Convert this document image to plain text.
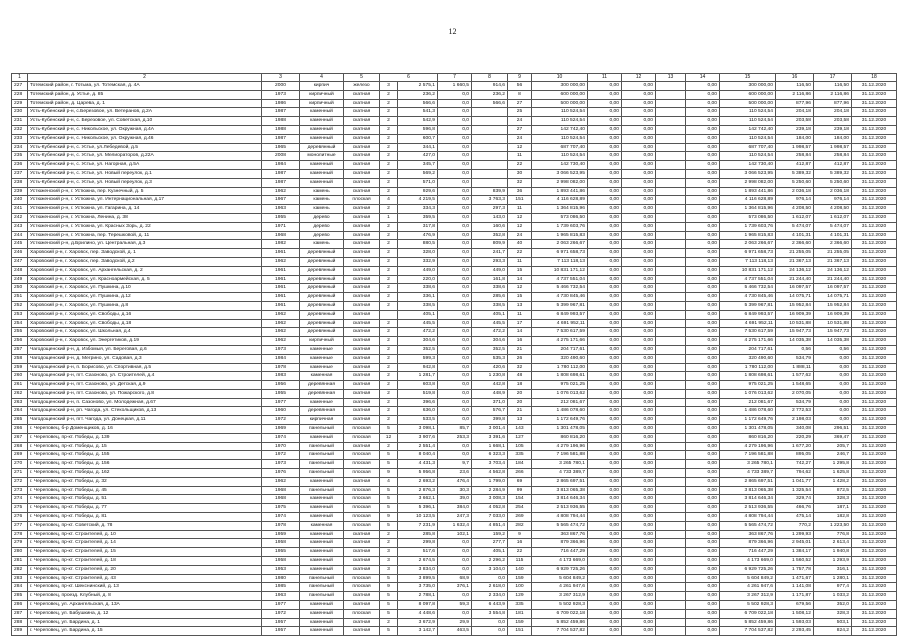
12
1	2	3	4	5	6		7	8	9	10	11	12	13	14	15	16	17	18
227	Тотемский район, г. Тотьма, ул. Тотемская, д. 4А	2000	кирпич	железо	3	2 575,1	1 660,5	914,6	56	300 000,00	0,00	0,00		0,00	300 000,00	116,50	116,50	31.12.2020
228	Тотемский район, д. Устье, д. 85	1973	кирпичный	скатная	2	236,2	0,0	236,2	8	600 000,00	0,00	0,00		0,00	600 000,00	2 116,86	2 116,86	31.12.2020
229	Тотемский район, д. Царева, д. 1	1986	кирпичный	скатная	2	566,6	0,0	566,6	27	500 000,00	0,00	0,00		0,00	500 000,00	877,96	877,96	31.12.2020
230	Усть-Кубенский р-н, с.Березовое, ул. Ветеранов, д.2А	1987	каменный	скатная	2	541,3	0,0		25	110 524,54	0,00	0,00		0,00	110 524,54	204,18	204,18	31.12.2020
231	Усть-Кубенский р-н, с. Березовое, ул. Советская, д.10	1988	каменный	скатная	2	542,9	0,0		24	110 524,54	0,00	0,00		0,00	110 524,54	203,58	203,58	31.12.2020
232	Усть-Кубенский р-н, с. Никольское, ул. Окружная, д.4А	1988	каменный	скатная	2	596,8	0,0		27	142 742,40	0,00	0,00		0,00	142 742,40	239,18	239,18	31.12.2020
233	Усть-Кубенский р-н, с. Никольское, ул. Окружная, д.46	1987	каменный	скатная	2	600,7	0,0		24	110 524,54	0,00	0,00		0,00	110 524,54	184,00	184,00	31.12.2020
234	Усть-Кубенский р-н, с. Устье, ул.Лебедевой, д.5	1965	деревянный	скатная	2	344,1	0,0		12	687 707,40	0,00	0,00		0,00	687 707,40	1 998,57	1 998,57	31.12.2020
235	Усть-Кубенский р-н, с. Устье, ул. Мелиораторов, д.22А	2008	монолитные	скатная	2	427,0	0,0		11	110 524,54	0,00	0,00		0,00	110 524,54	258,84	258,84	31.12.2020
236	Усть-Кубенский р-н, с. Устье, ул. Нагорная, д.5А	1984	каменный	скатная	2	345,7	0,0		22	142 730,40	0,00	0,00		0,00	142 730,40	412,87	412,87	31.12.2020
237	Усть-Кубенский р-н, с. Устье, ул. Новый переулок, д.1	1987	каменный	скатная	2	569,2	0,0		30	3 066 523,95	0,00	0,00		0,00	3 066 523,95	5 389,32	5 389,32	31.12.2020
238	Усть-Кубенский р-н, с. Устье, ул. Новый переулок, д.3	1987	каменный	скатная	2	571,0	0,0		32	2 998 082,00	0,00	0,00		0,00	2 998 082,00	5 250,60	5 250,60	31.12.2020
239	Устюженский р-н, г. Устюжна, пер. Кузнечный, д. 5	1962	камень	скатная	2	929,6	0,0	839,9	36	1 893 441,86	0,00	0,00		0,00	1 893 441,86	2 036,18	2 036,18	31.12.2020
240	Устюженский р-н, г. Устюжна, ул. Интернациональная, д.17	1967	камень	плоская	4	4 219,5	0,0	3 763,3	151	4 116 628,89	0,00	0,00		0,00	4 116 628,89	976,14	976,14	31.12.2020
241	Устюженский р-н, г. Устюжна, ул. Гагарина, д. 14	1963	камень	скатная	2	334,3	0,0	297,3	11	1 364 815,96	0,00	0,00		0,00	1 364 815,96	4 208,50	4 208,50	31.12.2020
242	Устюженский р-н, г. Устюжна, Ленина, д. 38	1955	дерево	скатная	1	359,5	0,0	143,0	12	573 086,50	0,00	0,00		0,00	573 086,50	1 612,07	1 612,07	31.12.2020
243	Устюженский р-н, г. Устюжна, ул. Красных Зорь, д. 22	1971	дерево	скатная	2	317,8	0,0	160,6	12	1 739 603,76	0,00	0,00		0,00	1 739 603,76	5 474,07	5 474,07	31.12.2020
244	Устюженский р-н, г. Устюжна, пер. Терешковой, д. 11	1968	дерево	скатная	2	476,9	0,0	352,8	24	1 965 815,83	0,00	0,00		0,00	1 965 815,83	4 101,31	4 101,31	31.12.2020
245	Устюженский р-н, д.Брилино, ул. Центральная, д.3	1982	камень	скатная	2	880,5	0,0	809,9	40	2 063 266,67	0,00	0,00		0,00	2 063 266,67	2 366,60	2 366,60	31.12.2020
246	Харовский р-н, г. Харовск, пер. Заводской, д. 1	1961	деревянный	скатная	2	328,0	0,0	241,7	22	6 971 658,73	0,00	0,00		0,00	6 971 658,73	21 255,05	21 255,05	31.12.2020
247	Харовский р-н, г. Харовск, пер. Заводской, д.2	1962	деревянный	скатная	2	332,9	0,0	293,3	11	7 113 118,13	0,00	0,00		0,00	7 113 118,13	21 367,13	21 367,13	31.12.2020
248	Харовский р-н, г. Харовск, ул. Архангельская, д. 2	1961	деревянный	скатная	2	449,0	0,0	449,0	15	10 831 171,12	0,00	0,00		0,00	10 831 171,12	24 136,12	24 136,12	31.12.2020
249	Харовский р-н, г. Харовск, ул. Красноармейская, д. 5	1961	деревянный	скатная	2	220,0	0,0	161,8	14	4 737 551,04	0,00	0,00		0,00	4 737 551,04	21 244,40	21 244,40	31.12.2020
250	Харовский р-н, г. Харовск, ул. Пушкина, д.10	1961	деревянный	скатная	2	338,6	0,0	338,6	12	5 466 732,54	0,00	0,00		0,00	5 466 732,54	16 097,57	16 097,57	31.12.2020
251	Харовский р-н, г. Харовск, ул. Пушкина, д.12	1961	деревянный	скатная	2	336,1	0,0	285,6	15	4 730 845,46	0,00	0,00		0,00	4 730 845,46	14 075,71	14 075,71	31.12.2020
252	Харовский р-н, г. Харовск, ул. Пушкина, д.8	1961	деревянный	скатная	2	338,5	0,0	338,5	13	5 399 967,81	0,00	0,00		0,00	5 399 967,81	15 952,84	15 952,84	31.12.2020
253	Харовский р-н, г. Харовск, ул. Свободы, д.16	1962	деревянный	скатная		405,1	0,0	405,1	11	6 849 993,57	0,00	0,00		0,00	6 849 993,57	16 909,39	16 909,39	31.12.2020
254	Харовский р-н, г. Харовск, ул. Свободы, д.18	1962	деревянный	скатная	2	445,5	0,0	445,5	17	4 691 952,11	0,00	0,00		0,00	4 691 952,11	10 531,88	10 531,88	31.12.2020
255	Харовский р-н, г. Харовск, ул. Школьная, д.4	1962	деревянный	скатная	2	472,2	0,0	472,2	14	7 530 617,59	0,00	0,00		0,00	7 530 617,59	15 947,73	15 947,73	31.12.2020
256	Харовский р-н, г. Харовск, ул. Энергетиков, д.19	1962	кирпичный	скатная	2	304,6	0,0	304,6	16	4 275 171,66	0,00	0,00		0,00	4 275 171,66	14 035,38	14 035,38	31.12.2020
257	Чагодощенский р-н, д. Избомыя, ул. Береговая, д.6	1973	каменные	скатная	2	352,5	0,0	352,5	21	204 717,61	0,00	0,00		0,00	204 717,61	0,56	0,56	31.12.2020
258	Чагодощенский р-н, д. Мегрино, ул. Садовая, д.3	1984	каменные	скатная	2	599,3	0,0	535,3	26	320 490,60	0,00	0,00		0,00	320 490,60	534,79	0,00	31.12.2020
259	Чагодощенский р-н, п. Борисово, ул. Спортивная, д.5	1978	каменные	скатная	2	942,8	0,0	420,6	32	1 780 112,00	0,00	0,00		0,00	1 780 112,00	1 888,11	0,00	31.12.2020
260	Чагодощенский р-н, пгт. Сазоново, ул. Строителей, д.4	1983	каменная	скатная	2	1 281,7	0,0	1 230,8	48	1 808 698,61	0,00	0,00		0,00	1 808 698,61	1 577,62	0,00	31.12.2020
261	Чагодощенский р-н, пгт. Сазоново, ул. Детская, д.9	1956	деревянная	скатная	2	603,8	0,0	442,8	18	975 021,25	0,00	0,00		0,00	975 021,25	1 548,65	0,00	31.12.2020
262	Чагодощенский р-н, пгт. Сазоново, ул. Пожарского, д.8	1955	деревянная	скатная	2	519,8	0,0	448,9	20	1 076 013,62	0,00	0,00		0,00	1 076 013,62	2 070,05	0,00	31.12.2020
263	Чагодощенский р-н, п. Сазоново, ул. Молодежная, д.67	1977	каменные	скатная	2	396,6	0,0	371,0	20	212 081,67	0,00	0,00		0,00	212 081,67	534,79	0,00	31.12.2020
264	Чагодощенский р-н, рп. Чагода, ул. Стекольщиков, д.13	1960	деревянная	скатная	2	636,0	0,0	576,7	21	1 486 078,60	0,00	0,00		0,00	1 486 078,60	2 772,53	0,00	31.12.2020
265	Чагодощенский р-н, пгт. Чагода, ул. Донецкая, д.11	1972	кирпичная	скатная	2	533,5	0,0	399,8	13	1 172 649,76	0,00	0,00		0,00	1 172 649,76	2 198,03	0,00	31.12.2020
266	г. Череповец, б-р Доменщиков, д. 16	1969	панельный	плоская	5	3 098,1	85,7	3 001,4	143	1 301 478,05	0,00	0,00		0,00	1 301 478,05	340,08	296,51	31.12.2020
267	г. Череповец, пр-кт. Победы, д. 139	1974	каменный	плоская	12	3 907,6	253,3	3 391,6	127	860 816,20	0,00	0,00		0,00	860 816,20	220,29	369,47	31.12.2020
268	г. Череповец, пр-кт. Победы, д. 15	1970	панельный	скатная	2	2 551,4	0,0	1 668,1	105	4 279 196,96	0,00	0,00		0,00	4 279 196,96	1 677,20	205,7	31.12.2020
269	г. Череповец, пр-кт. Победы, д. 155	1972	панельный	плоская	5	8 040,4	0,0	6 323,3	335	7 196 581,88	0,00	0,00		0,00	7 196 581,88	895,05	246,7	31.12.2020
270	г. Череповец, пр-кт. Победы, д. 156	1973	панельный	плоская	5	4 431,3	9,7	3 703,4	184	3 265 780,1	0,00	0,00		0,00	3 265 780,1	742,27	1 295,8	31.12.2020
271	г. Череповец, пр-кт. Победы, д. 162	1976	панельный	плоская	9	5 956,8	23,6	4 562,8	266	4 733 389,7	0,00	0,00		0,00	4 733 389,7	794,62	1 625,8	31.12.2020
272	г. Череповец, пр-кт. Победы, д. 32	1962	каменный	скатная	4	2 693,2	476,4	1 799,0	69	2 865 697,51	0,00	0,00		0,00	2 865 697,51	1 041,77	1 428,2	31.12.2020
273	г. Череповец, пр-кт. Победы, д. 45	1968	панельный	плоская	5	2 876,3	30,3	2 284,9	99	3 813 065,38	0,00	0,00		0,00	3 813 065,38	1 325,54	872,5	31.12.2020
274	г. Череповец, пр-кт. Победы, д. 51	1968	каменный	плоская	5	3 662,1	39,0	3 008,3	154	3 814 646,34	0,00	0,00		0,00	3 814 646,34	329,74	328,3	31.12.2020
275	г. Череповец, пр-кт. Победы, д. 77	1975	каменный	плоская	5	5 396,1	384,0	4 052,8	254	2 513 936,55	0,00	0,00		0,00	2 513 936,55	466,76	187,1	31.12.2020
276	г. Череповец, пр-кт. Победы, д. 81	1974	каменный	плоская	9	10 123,5	247,3	7 033,0	269	4 808 794,44	0,00	0,00		0,00	4 808 794,44	475,14	182,8	31.12.2020
277	г. Череповец, пр-кт. Советский, д. 78	1978	каменная	плоская	5	7 231,9	1 632,4	4 851,4	282	5 565 474,72	0,00	0,00		0,00	5 565 474,72	770,2	1 223,50	31.12.2020
278	г. Череповец, пр-кт. Строителей, д. 10	1959	каменный	скатная	2	285,8	102,1	159,2	9	363 867,76	0,00	0,00		0,00	363 867,76	1 299,93	776,8	31.12.2020
279	г. Череповец, пр-кт. Строителей, д. 14	1958	каменный	скатная	2	299,8	0,0	277,7	16	879 366,96	0,00	0,00		0,00	879 366,96	2 945,01	2 613,4	31.12.2020
280	г. Череповец, пр-кт. Строителей, д. 15	1955	каменный	скатная	3	517,6	0,0	405,1	22	716 447,29	0,00	0,00		0,00	716 447,29	1 384,17	1 940,8	31.12.2020
281	г. Череповец, пр-кт. Строителей, д. 18	1958	каменный	скатная	3	2 674,5	0,0	2 296,2	115	4 173 669,0	0,00	0,00		0,00	4 173 669,0	1 560,52	1 293,9	31.12.2020
282	г. Череповец, пр-кт. Строителей, д. 20	1953	каменный	скатная	3	3 834,0	0,0	3 104,0	140	6 929 725,26	0,00	0,00		0,00	6 929 725,26	1 757,78	316,1	31.12.2020
283	г. Череповец, пр-кт. Строителей, д. 43	1980	панельный	плоская	5	3 899,5	68,9	0,0	159	5 604 849,2	0,00	0,00		0,00	5 604 849,2	1 471,67	1 280,1	31.12.2020
284	г. Череповец, пр-кт. Шекснинский, д. 13	1985	панельный	плоская	9	3 735,0	376,1	2 618,0	100	4 261 947,6	0,00	0,00		0,00	4 261 947,6	1 141,08	977,4	31.12.2020
285	г. Череповец, проезд. Клубный, д. 8	1963	панельный	скатная	5	2 788,1	0,0	2 334,0	129	3 267 312,9	0,00	0,00		0,00	3 267 312,9	1 171,87	1 033,2	31.12.2020
286	г. Череповец, ул. Архангельская, д. 13А	1977	каменный	скатная	5	8 097,8	59,3	6 443,9	335	5 502 928,3	0,00	0,00		0,00	5 502 928,3	679,56	352,0	31.12.2020
287	г. Череповец, ул. Бабушкина, д. 12	1972	каменный	плоская	5	4 448,6	0,0	3 554,8	181	6 709 022,18	0,00	0,00		0,00	6 709 022,18	1 508,12	328,3	31.12.2020
288	г. Череповец, ул. Бардина, д. 1	1957	каменный	скатная	2	3 672,9	29,9	0,0	159	5 852 459,86	0,00	0,00		0,00	5 852 459,86	1 593,03	503,1	31.12.2020
289	г. Череповец, ул. Бардина, д. 15	1957	каменный	скатная	5	3 142,7	463,5	0,0	151	7 704 537,82	0,00	0,00		0,00	7 704 537,82	2 293,45	824,2	31.12.2020
